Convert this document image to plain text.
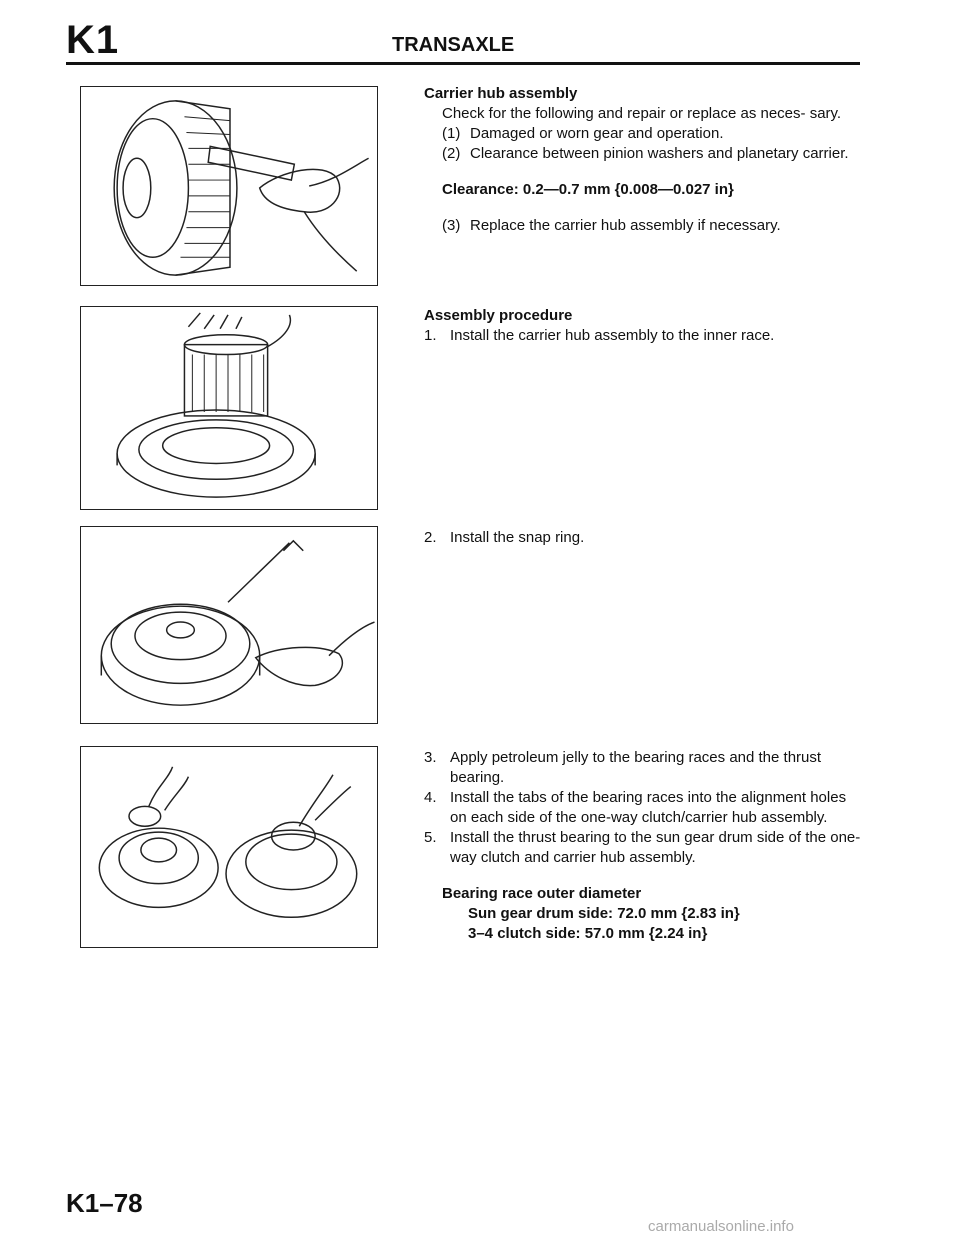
K1	TRANSAXLE
Carrier hub assembly
Check for the following and repair or replace as neces- sary.
(1) Damaged or worn gear and operation.
(2) Clearance between pinion washers and planetary carrier.
Clearance: 0.2—0.7 mm {0.008—0.027 in}
(3) Replace the carrier hub assembly if necessary.
Assembly procedure
1. Install the carrier hub assembly to the inner race.
2. Install the snap ring.
3. Apply petroleum jelly to the bearing races and the thrust bearing.
4. Install the tabs of the bearing races into the alignment holes on each side of the one-way clutch/carrier hub assembly.
5. Install the thrust bearing to the sun gear drum side of the one-way clutch and carrier hub assembly.
Bearing race outer diameter
Sun gear drum side: 72.0 mm {2.83 in}
3–4 clutch side: 57.0 mm {2.24 in}
K1–78
carmanualsonline.info
